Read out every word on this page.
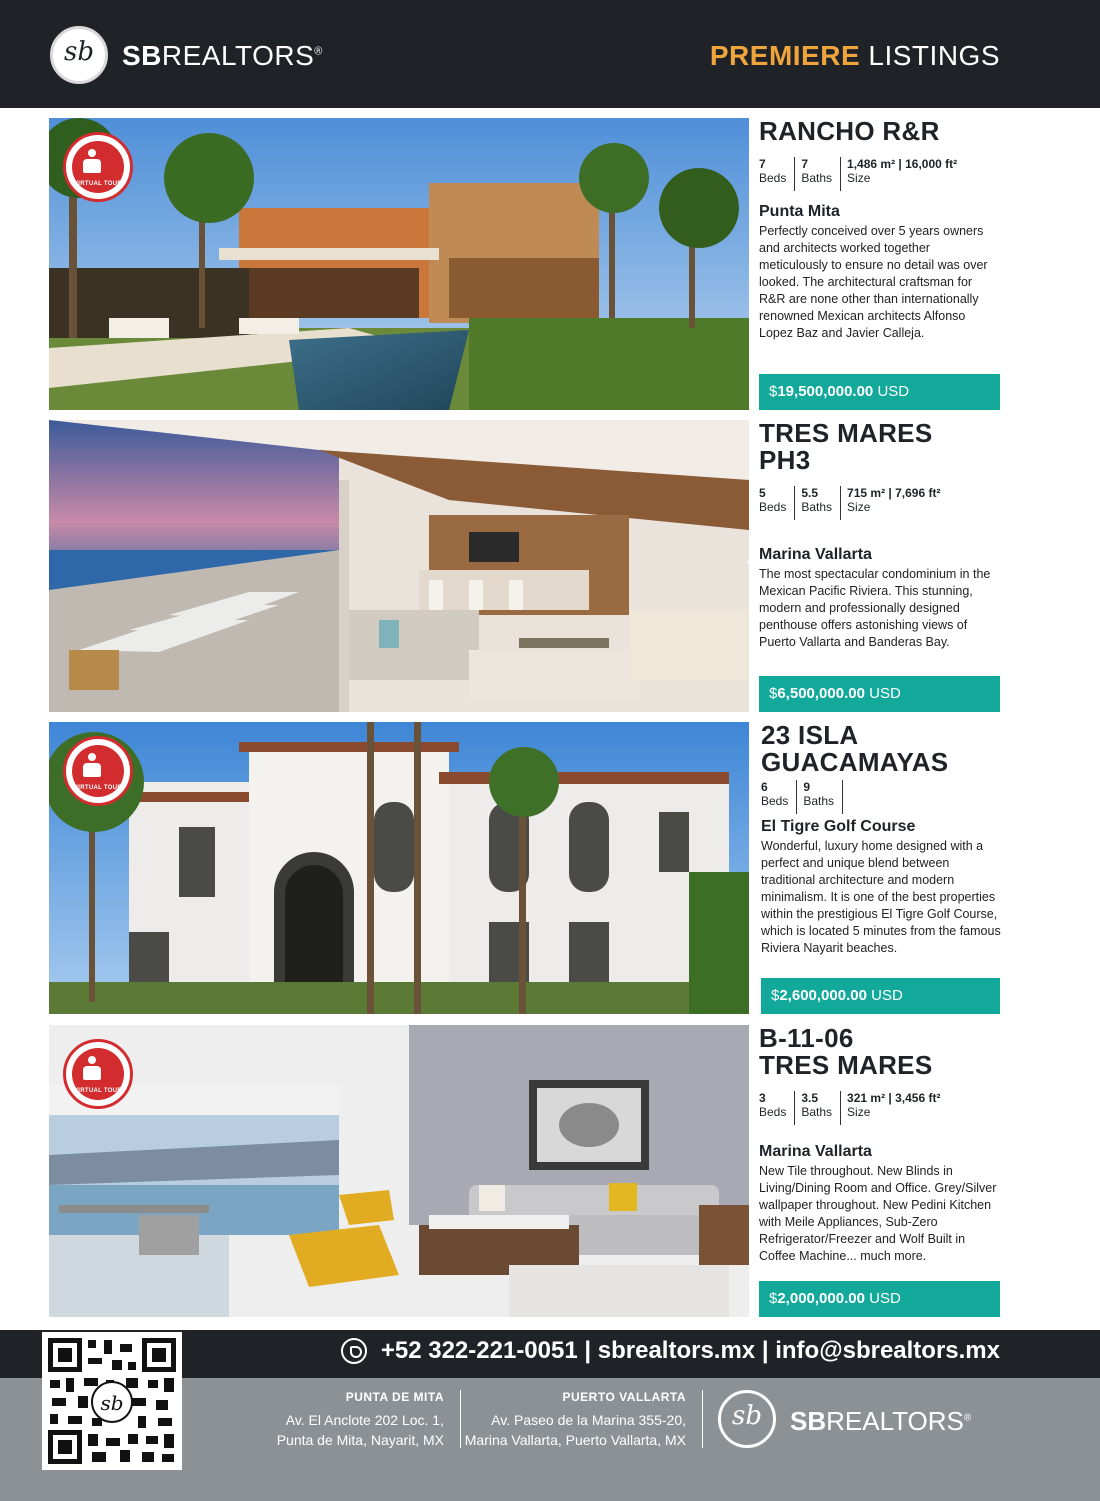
sb	SBREALTORS®	PREMIERE LISTINGS
VIRTUAL TOUR
RANCHO R&R
7
Beds
7
Baths
1,486 m² | 16,000 ft²
Size
Punta Mita
Perfectly conceived over 5 years owners and architects worked together meticulously to ensure no detail was over looked. The architectural craftsman for R&R are none other than internationally renowned Mexican architects Alfonso Lopez Baz and Javier Calleja.
$19,500,000.00 USD
TRES MARES
PH3
5
Beds
5.5
Baths
715 m² | 7,696 ft²
Size
Marina Vallarta
The most spectacular condominium in the Mexican Pacific Riviera. This stunning, modern and professionally designed penthouse offers astonishing views of Puerto Vallarta and Banderas Bay.
$6,500,000.00 USD
VIRTUAL TOUR
23 ISLA
GUACAMAYAS
6
Beds
9
Baths
El Tigre Golf Course
Wonderful, luxury home designed with a perfect and unique blend between traditional architecture and modern minimalism. It is one of the best properties within the prestigious El Tigre Golf Course, which is located 5 minutes from the famous Riviera Nayarit beaches.
$2,600,000.00 USD
VIRTUAL TOUR
B-11-06
TRES MARES
3
Beds
3.5
Baths
321 m² | 3,456 ft²
Size
Marina Vallarta
New Tile throughout. New Blinds in Living/Dining Room and Office. Grey/Silver wallpaper throughout. New Pedini Kitchen with Meile Appliances, Sub-Zero Refrigerator/Freezer and Wolf Built in Coffee Machine... much more.
$2,000,000.00 USD
+52 322-221-0051 | sbrealtors.mx | info@sbrealtors.mx
sb	PUNTA DE MITA
Av. El Anclote 202 Loc. 1,
Punta de Mita, Nayarit, MX
PUERTO VALLARTA
Av. Paseo de la Marina 355-20,
Marina Vallarta, Puerto Vallarta, MX
sb	SBREALTORS®
